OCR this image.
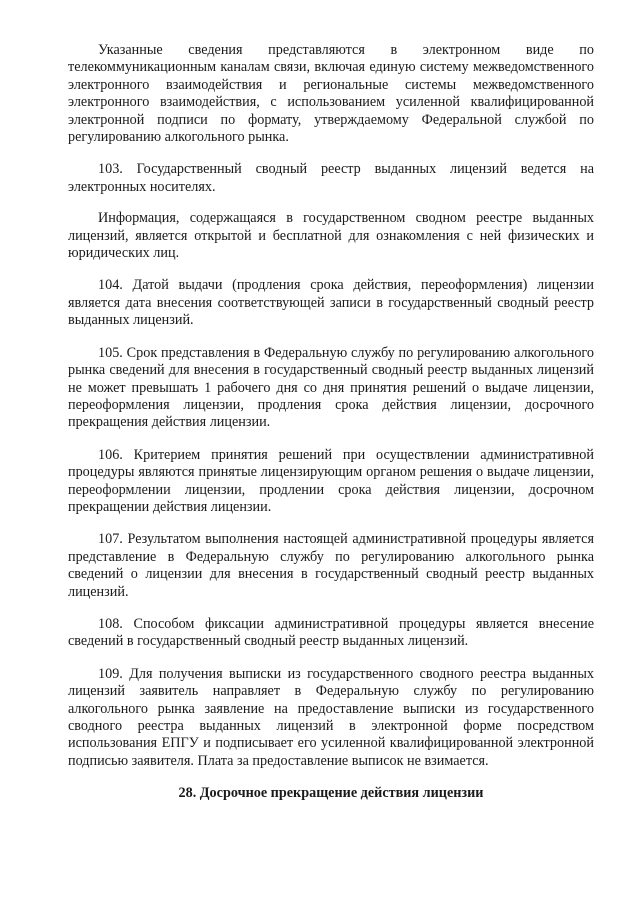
Указанные сведения представляются в электронном виде по телекоммуникационным каналам связи, включая единую систему межведомственного электронного взаимодействия и региональные системы межведомственного электронного взаимодействия, с использованием усиленной квалифицированной электронной подписи по формату, утверждаемому Федеральной службой по регулированию алкогольного рынка.

103. Государственный сводный реестр выданных лицензий ведется на электронных носителях.

Информация, содержащаяся в государственном сводном реестре выданных лицензий, является открытой и бесплатной для ознакомления с ней физических и юридических лиц.

104. Датой выдачи (продления срока действия, переоформления) лицензии является дата внесения соответствующей записи в государственный сводный реестр выданных лицензий.

105. Срок представления в Федеральную службу по регулированию алкогольного рынка сведений для внесения в государственный сводный реестр выданных лицензий не может превышать 1 рабочего дня со дня принятия решений о выдаче лицензии, переоформления лицензии, продления срока действия лицензии, досрочного прекращения действия лицензии.

106. Критерием принятия решений при осуществлении административной процедуры являются принятые лицензирующим органом решения о выдаче лицензии, переоформлении лицензии, продлении срока действия лицензии, досрочном прекращении действия лицензии.

107. Результатом выполнения настоящей административной процедуры является представление в Федеральную службу по регулированию алкогольного рынка сведений о лицензии для внесения в государственный сводный реестр выданных лицензий.

108. Способом фиксации административной процедуры является внесение сведений в государственный сводный реестр выданных лицензий.

109. Для получения выписки из государственного сводного реестра выданных лицензий заявитель направляет в Федеральную службу по регулированию алкогольного рынка заявление на предоставление выписки из государственного сводного реестра выданных лицензий в электронной форме посредством использования ЕПГУ и подписывает его усиленной квалифицированной электронной подписью заявителя. Плата за предоставление выписок не взимается.

28. Досрочное прекращение действия лицензии
